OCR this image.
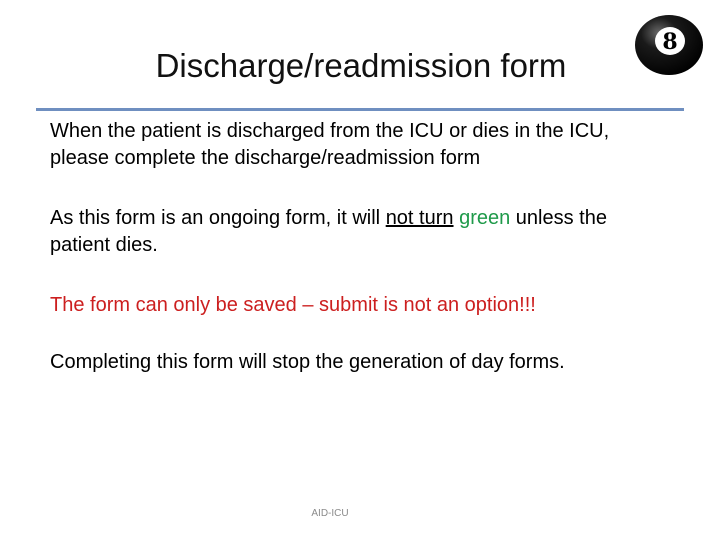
Discharge/readmission form
8
When the patient is discharged from the ICU or dies in the ICU,
please complete the discharge/readmission form
As this form is an ongoing form, it will not turn green unless the
patient dies.
The form can only be saved – submit is not an option!!!
Completing this form will stop the generation of day forms.
AID-ICU
